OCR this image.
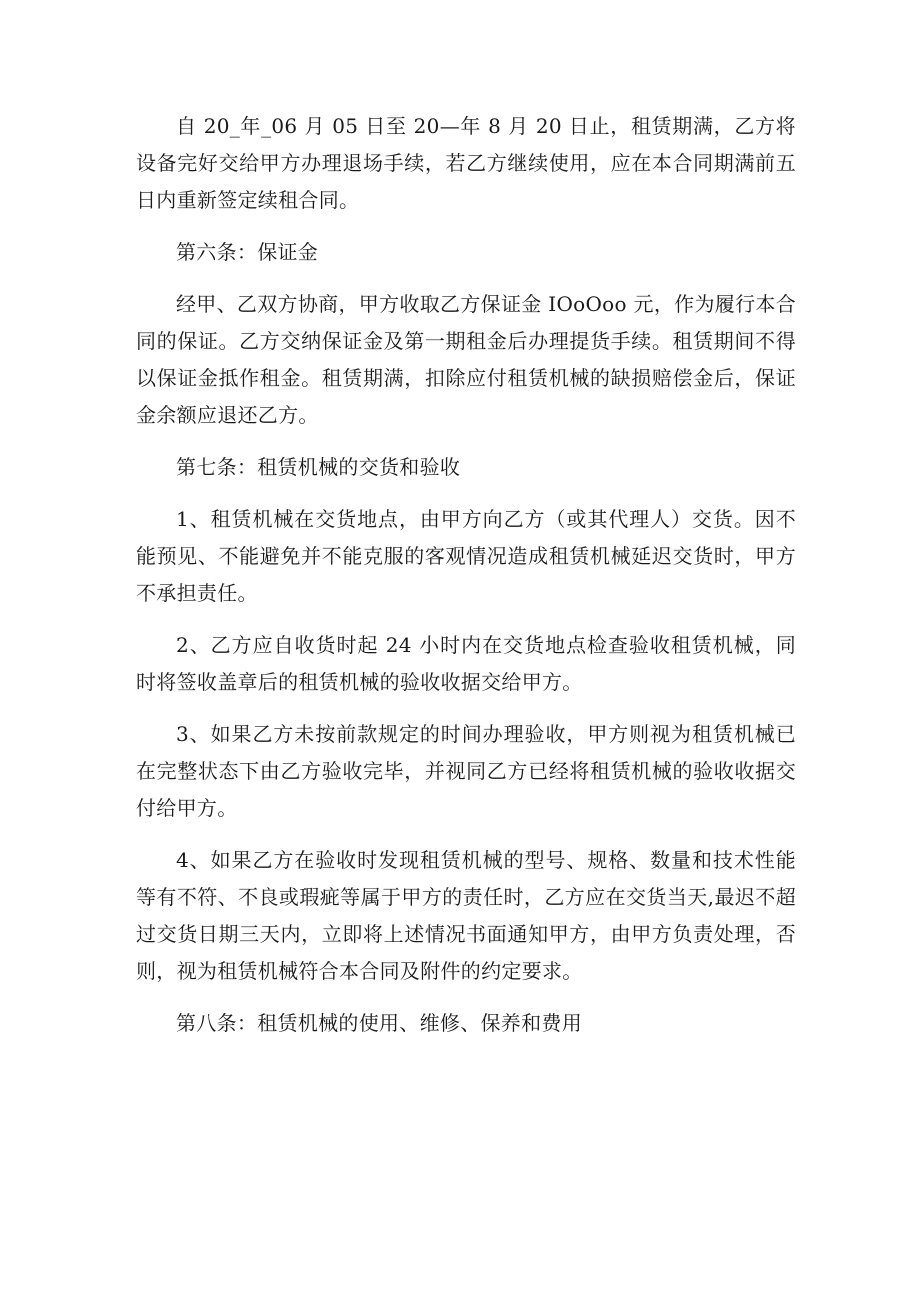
自 20_年_06 月 05 日至 20—年 8 月 20 日止，租赁期满，乙方将设备完好交给甲方办理退场手续，若乙方继续使用，应在本合同期满前五日内重新签定续租合同。

第六条：保证金

经甲、乙双方协商，甲方收取乙方保证金 IOoOoo 元，作为履行本合同的保证。乙方交纳保证金及第一期租金后办理提货手续。租赁期间不得以保证金抵作租金。租赁期满，扣除应付租赁机械的缺损赔偿金后，保证金余额应退还乙方。

第七条：租赁机械的交货和验收

1、租赁机械在交货地点，由甲方向乙方（或其代理人）交货。因不能预见、不能避免并不能克服的客观情况造成租赁机械延迟交货时，甲方不承担责任。

2、乙方应自收货时起 24 小时内在交货地点检查验收租赁机械，同时将签收盖章后的租赁机械的验收收据交给甲方。

3、如果乙方未按前款规定的时间办理验收，甲方则视为租赁机械已在完整状态下由乙方验收完毕，并视同乙方已经将租赁机械的验收收据交付给甲方。

4、如果乙方在验收时发现租赁机械的型号、规格、数量和技术性能等有不符、不良或瑕疵等属于甲方的责任时，乙方应在交货当天,最迟不超过交货日期三天内，立即将上述情况书面通知甲方，由甲方负责处理，否则，视为租赁机械符合本合同及附件的约定要求。

第八条：租赁机械的使用、维修、保养和费用
